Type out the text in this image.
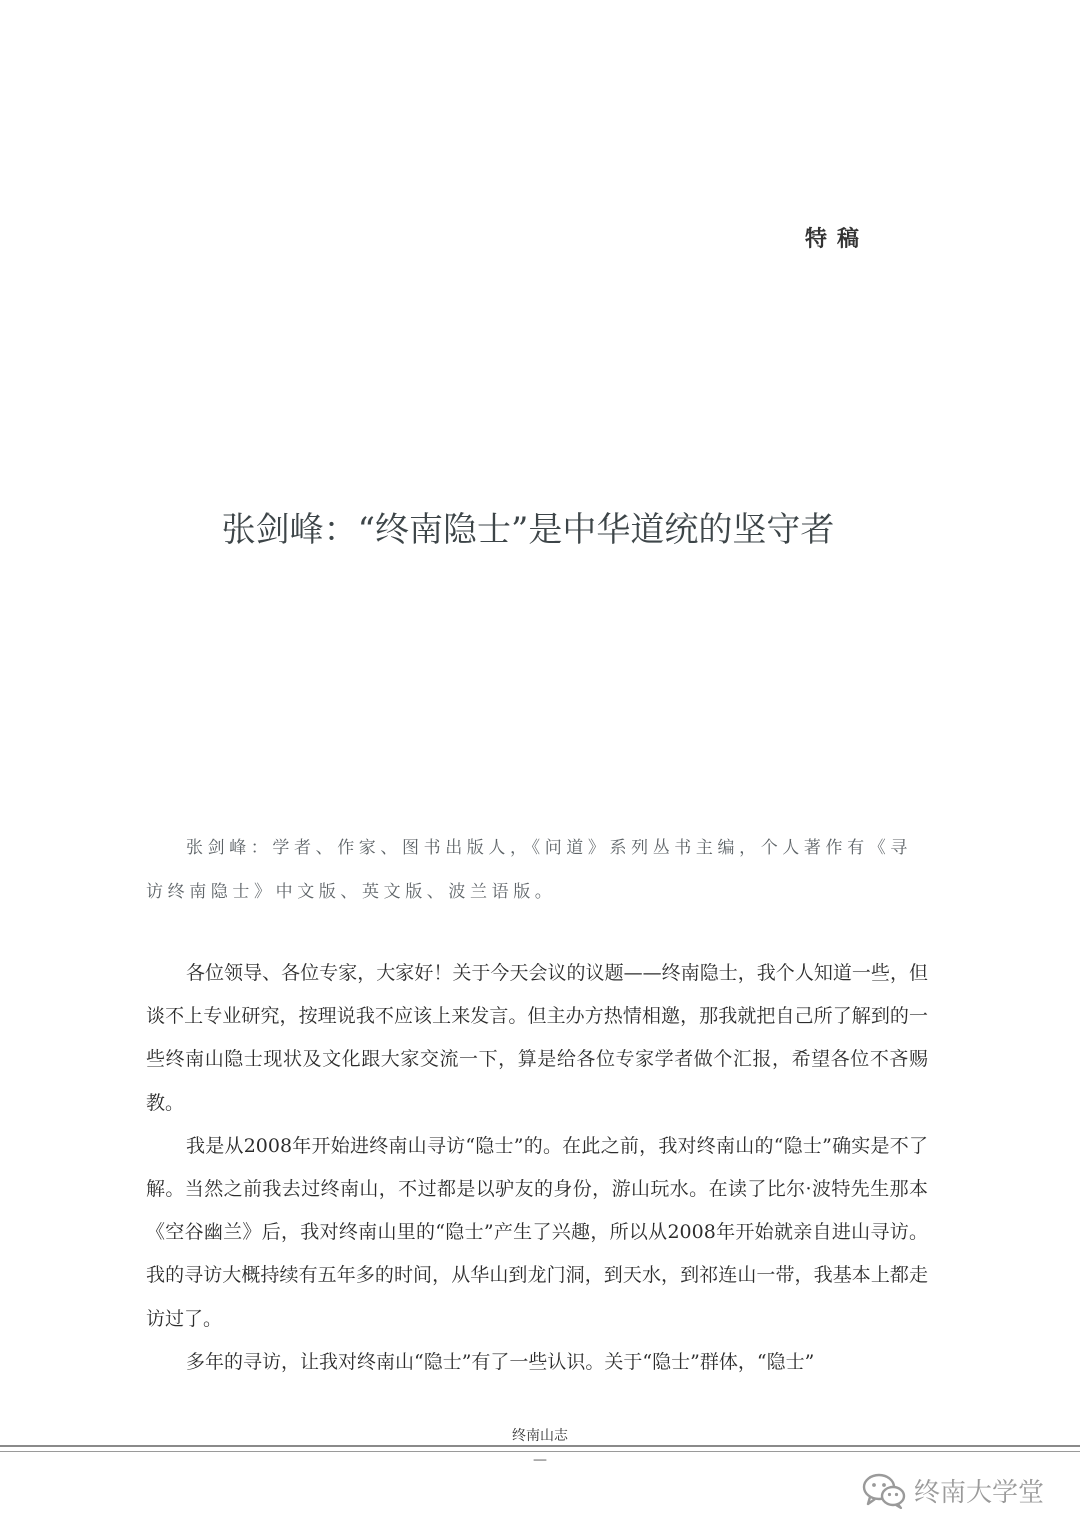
特稿
张剑峰：“终南隐士”是中华道统的坚守者

张剑峰：学者、作家、图书出版人，《问道》系列丛书主编，个人著作有《寻访终南隐士》中文版、英文版、波兰语版。

各位领导、各位专家，大家好！关于今天会议的议题——终南隐士，我个人知道一些，但谈不上专业研究，按理说我不应该上来发言。但主办方热情相邀，那我就把自己所了解到的一些终南山隐士现状及文化跟大家交流一下，算是给各位专家学者做个汇报，希望各位不吝赐教。

我是从2008年开始进终南山寻访“隐士”的。在此之前，我对终南山的“隐士”确实是不了解。当然之前我去过终南山，不过都是以驴友的身份，游山玩水。在读了比尔·波特先生那本《空谷幽兰》后，我对终南山里的“隐士”产生了兴趣，所以从2008年开始就亲自进山寻访。我的寻访大概持续有五年多的时间，从华山到龙门洞，到天水，到祁连山一带，我基本上都走访过了。

多年的寻访，让我对终南山“隐士”有了一些认识。关于“隐士”群体，“隐士”

终南山志
—
终南大学堂
